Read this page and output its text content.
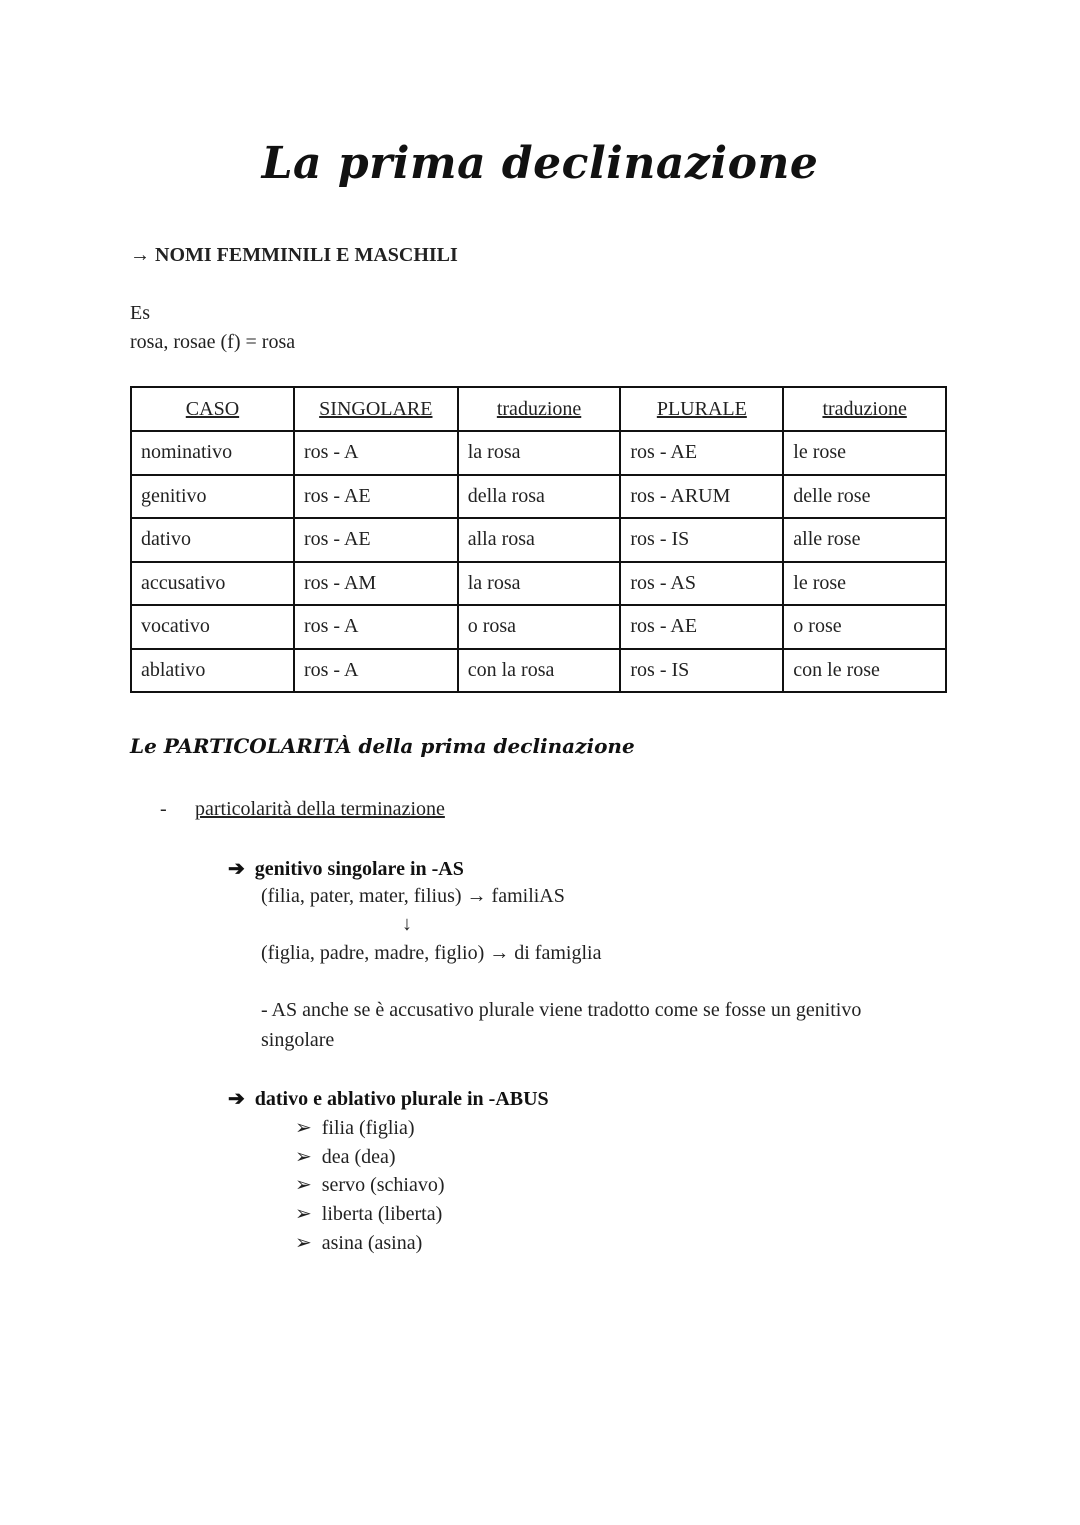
La prima declinazione
→ NOMI FEMMINILI E MASCHILI
Es
rosa, rosae (f) = rosa
CASO	SINGOLARE	traduzione	PLURALE	traduzione
nominativo	ros - A	la rosa	ros - AE	le rose
genitivo	ros - AE	della rosa	ros - ARUM	delle rose
dativo	ros - AE	alla rosa	ros - IS	alle rose
accusativo	ros - AM	la rosa	ros - AS	le rose
vocativo	ros - A	o rosa	ros - AE	o rose
ablativo	ros - A	con la rosa	ros - IS	con le rose
Le PARTICOLARITÀ della prima declinazione
- particolarità della terminazione
➔ genitivo singolare in -AS
(filia, pater, mater, filius) → familiAS
↓
(figlia, padre, madre, figlio) → di famiglia
- AS anche se è accusativo plurale viene tradotto come se fosse un genitivo
singolare
➔ dativo e ablativo plurale in -ABUS
➢ filia (figlia)
➢ dea (dea)
➢ servo (schiavo)
➢ liberta (liberta)
➢ asina (asina)
